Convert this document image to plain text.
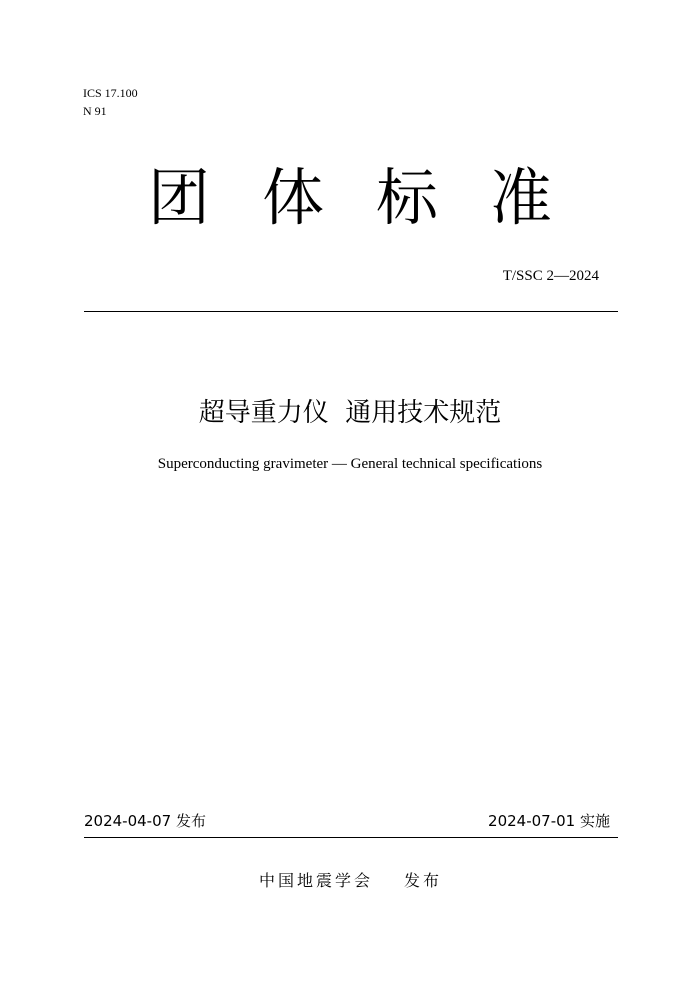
ICS 17.100
N 91
团体标准
T/SSC 2—2024
超导重力仪  通用技术规范
Superconducting gravimeter — General technical specifications
2024-04-07 发布	2024-07-01 实施
中国地震学会 发布
